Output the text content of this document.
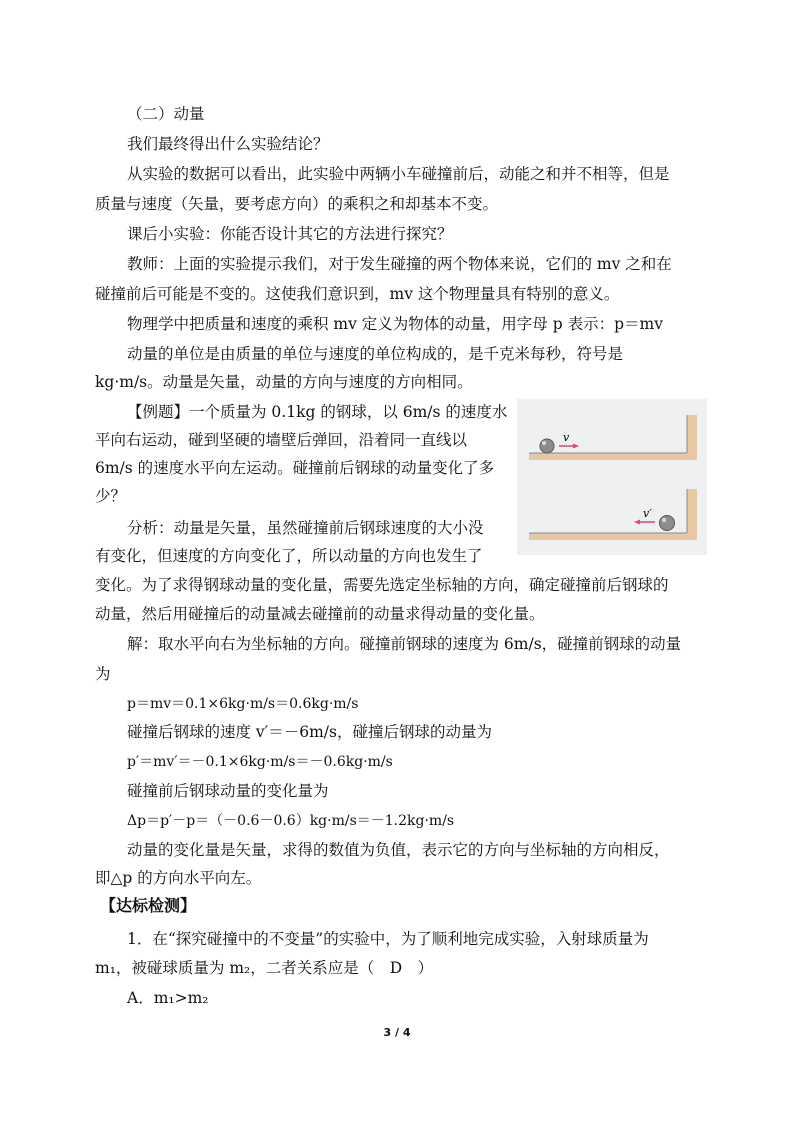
（二）动量
我们最终得出什么实验结论？
从实验的数据可以看出，此实验中两辆小车碰撞前后，动能之和并不相等，但是
质量与速度（矢量，要考虑方向）的乘积之和却基本不变。
课后小实验：你能否设计其它的方法进行探究？
教师：上面的实验提示我们，对于发生碰撞的两个物体来说，它们的 mv 之和在
碰撞前后可能是不变的。这使我们意识到，mv 这个物理量具有特别的意义。
物理学中把质量和速度的乘积 mv 定义为物体的动量，用字母 p 表示：p＝mv
动量的单位是由质量的单位与速度的单位构成的，是千克米每秒，符号是
kg·m/s。动量是矢量，动量的方向与速度的方向相同。
【例题】一个质量为 0.1kg 的钢球，以 6m/s 的速度水
平向右运动，碰到坚硬的墙壁后弹回，沿着同一直线以
6m/s 的速度水平向左运动。碰撞前后钢球的动量变化了多
少？
分析：动量是矢量，虽然碰撞前后钢球速度的大小没
有变化，但速度的方向变化了，所以动量的方向也发生了
变化。为了求得钢球动量的变化量，需要先选定坐标轴的方向，确定碰撞前后钢球的
动量，然后用碰撞后的动量减去碰撞前的动量求得动量的变化量。
v
v′
解：取水平向右为坐标轴的方向。碰撞前钢球的速度为 6m/s，碰撞前钢球的动量
为
p＝mv＝0.1×6kg·m/s＝0.6kg·m/s
碰撞后钢球的速度 v′＝－6m/s，碰撞后钢球的动量为
p′＝mv′＝－0.1×6kg·m/s＝－0.6kg·m/s
碰撞前后钢球动量的变化量为
Δp＝p′－p＝（－0.6－0.6）kg·m/s＝－1.2kg·m/s
动量的变化量是矢量，求得的数值为负值，表示它的方向与坐标轴的方向相反，
即△p 的方向水平向左。
【达标检测】
1．在“探究碰撞中的不变量”的实验中，为了顺利地完成实验，入射球质量为
m₁，被碰球质量为 m₂，二者关系应是（　D　）
A．m₁>m₂
3 / 4
